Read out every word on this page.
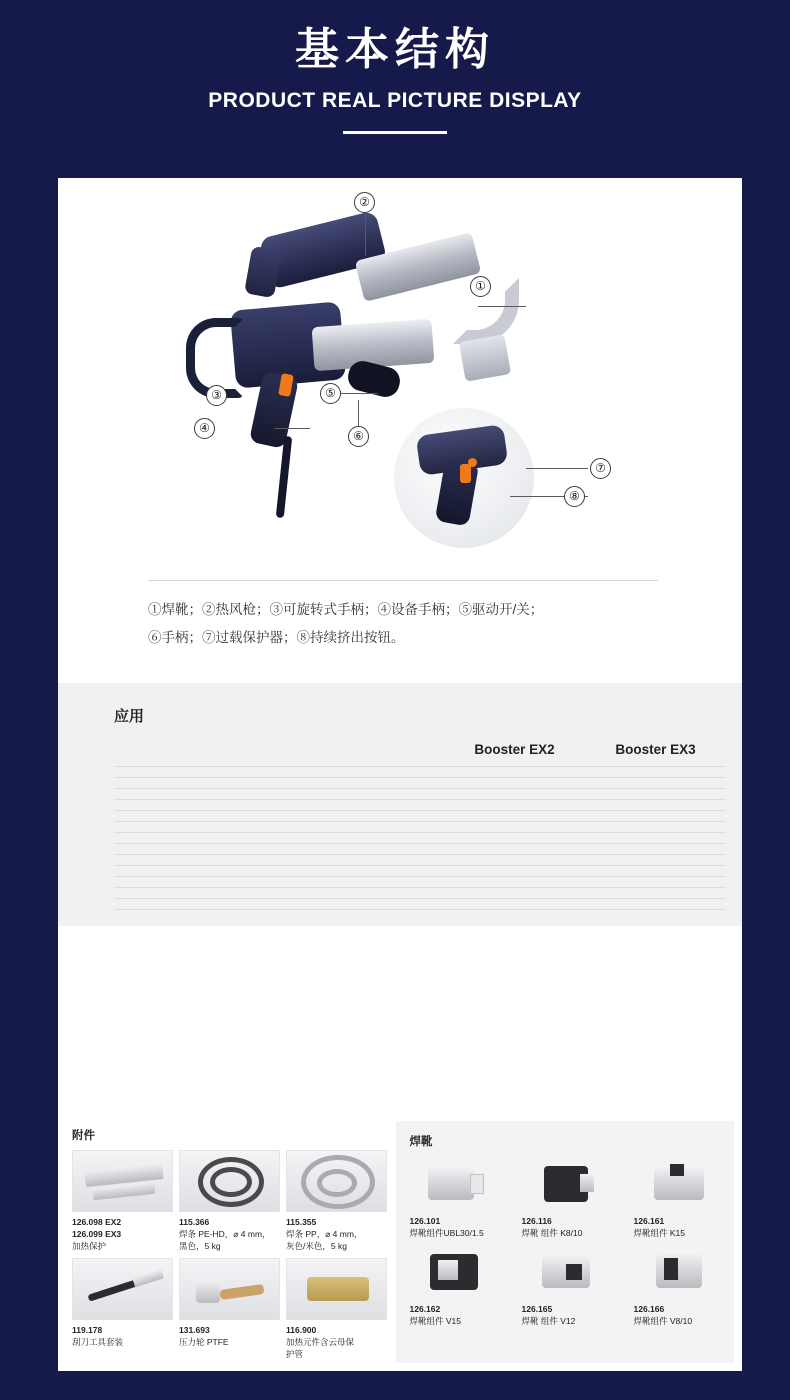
基本结构
PRODUCT REAL PICTURE DISPLAY
②
①
③
④
⑤
⑥
⑦
⑧
①焊靴；②热风枪；③可旋转式手柄；④设备手柄；⑤驱动开/关；
⑥手柄；⑦过载保护器；⑧持续挤出按钮。
应用
	Booster EX2	Booster EX3

附件
126.098 EX2
126.099 EX3
加热保护
115.366
焊条 PE-HD，⌀ 4 mm，
黑色，5 kg
115.355
焊条 PP，⌀ 4 mm，
灰色/米色，5 kg
119.178
刮刀工具套装
131.693
压力轮 PTFE
116.900
加热元件含云母保
护管
焊靴
126.101
焊靴组件UBL30/1.5
126.116
焊靴 组件 K8/10
126.161
焊靴组件 K15
126.162
焊靴组件 V15
126.165
焊靴 组件 V12
126.166
焊靴组件 V8/10
